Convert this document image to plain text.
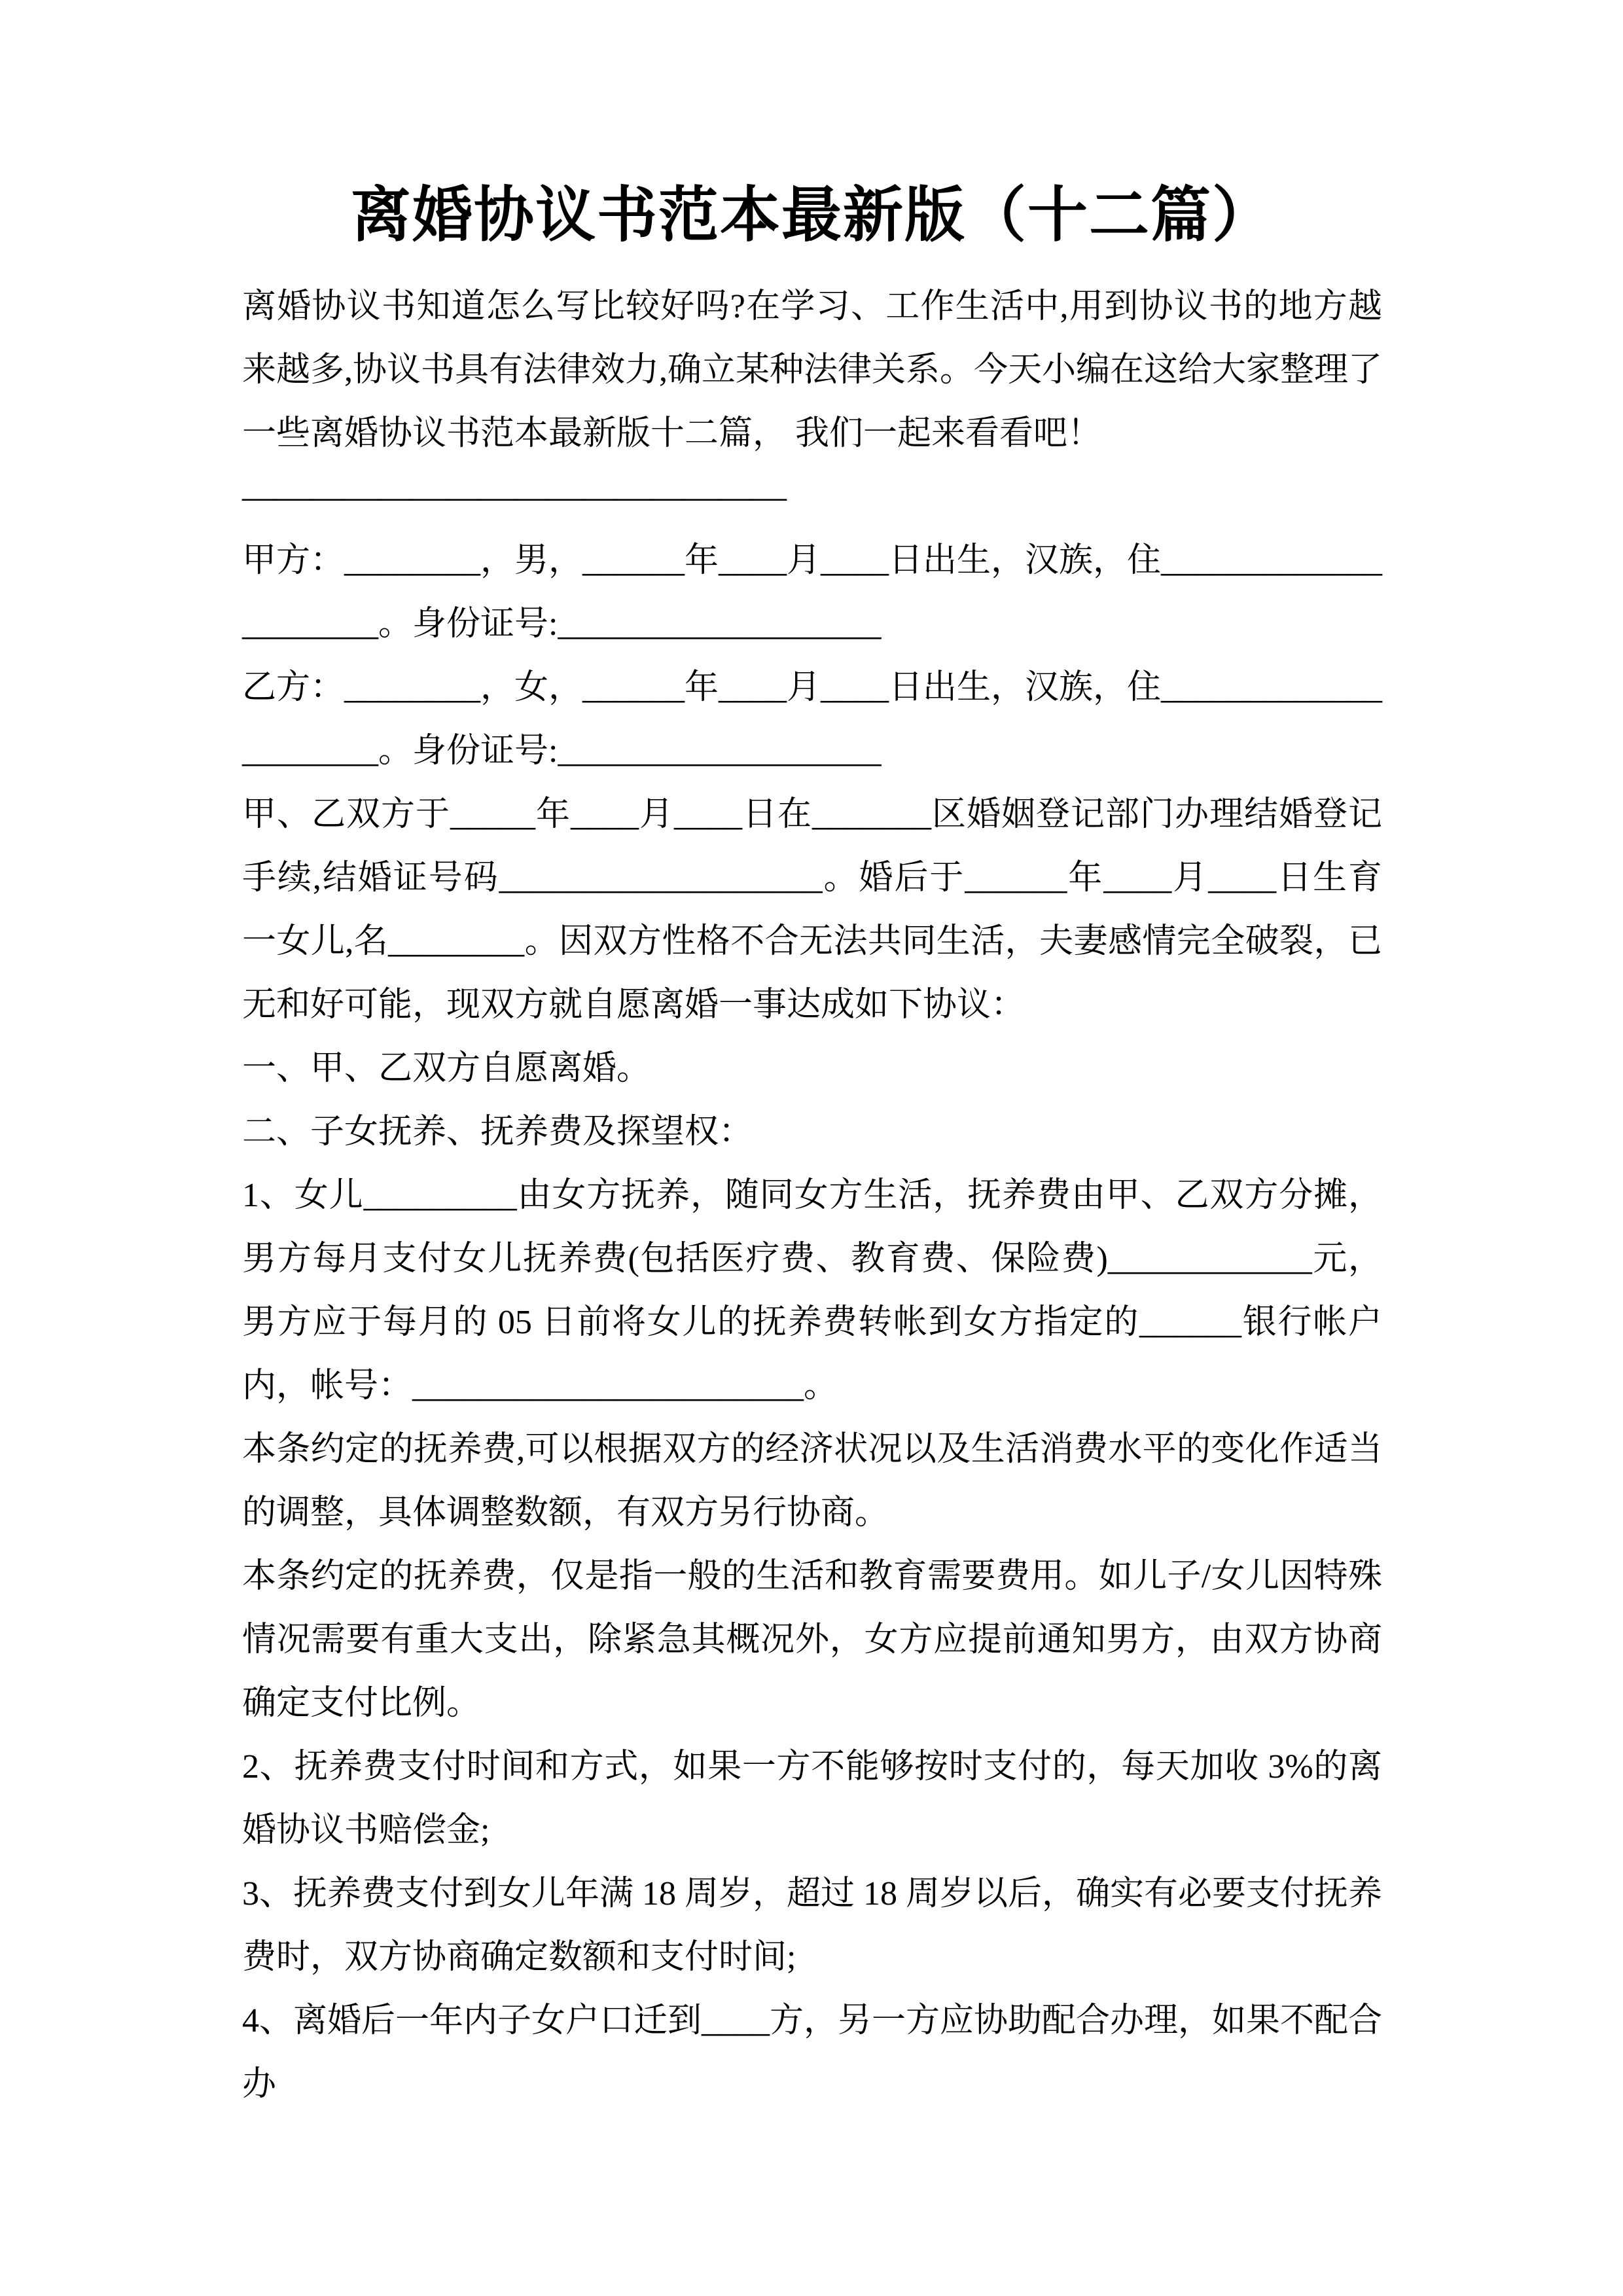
离婚协议书范本最新版（十二篇）

离婚协议书知道怎么写比较好吗?在学习、工作生活中,用到协议书的地方越来越多,协议书具有法律效力,确立某种法律关系。今天小编在这给大家整理了一些离婚协议书范本最新版十二篇， 我们一起来看看吧！

————————————————

甲方：________，男，______年____月____日出生，汉族，住_____________________。身份证号:___________________

乙方：________，女，______年____月____日出生，汉族，住_____________________。身份证号:___________________

甲、乙双方于_____年____月____日在_______区婚姻登记部门办理结婚登记手续,结婚证号码___________________。婚后于______年____月____日生育一女儿,名________。因双方性格不合无法共同生活，夫妻感情完全破裂，已无和好可能，现双方就自愿离婚一事达成如下协议：

一、甲、乙双方自愿离婚。

二、子女抚养、抚养费及探望权：

1、女儿_________由女方抚养，随同女方生活，抚养费由甲、乙双方分摊，男方每月支付女儿抚养费(包括医疗费、教育费、保险费)____________元，男方应于每月的 05 日前将女儿的抚养费转帐到女方指定的______银行帐户内，帐号：_______________________。

本条约定的抚养费,可以根据双方的经济状况以及生活消费水平的变化作适当的调整，具体调整数额，有双方另行协商。

本条约定的抚养费，仅是指一般的生活和教育需要费用。如儿子/女儿因特殊情况需要有重大支出，除紧急其概况外，女方应提前通知男方，由双方协商确定支付比例。

2、抚养费支付时间和方式，如果一方不能够按时支付的，每天加收 3%的离婚协议书赔偿金;

3、抚养费支付到女儿年满 18 周岁，超过 18 周岁以后，确实有必要支付抚养费时，双方协商确定数额和支付时间;

4、离婚后一年内子女户口迁到____方，另一方应协助配合办理，如果不配合办
